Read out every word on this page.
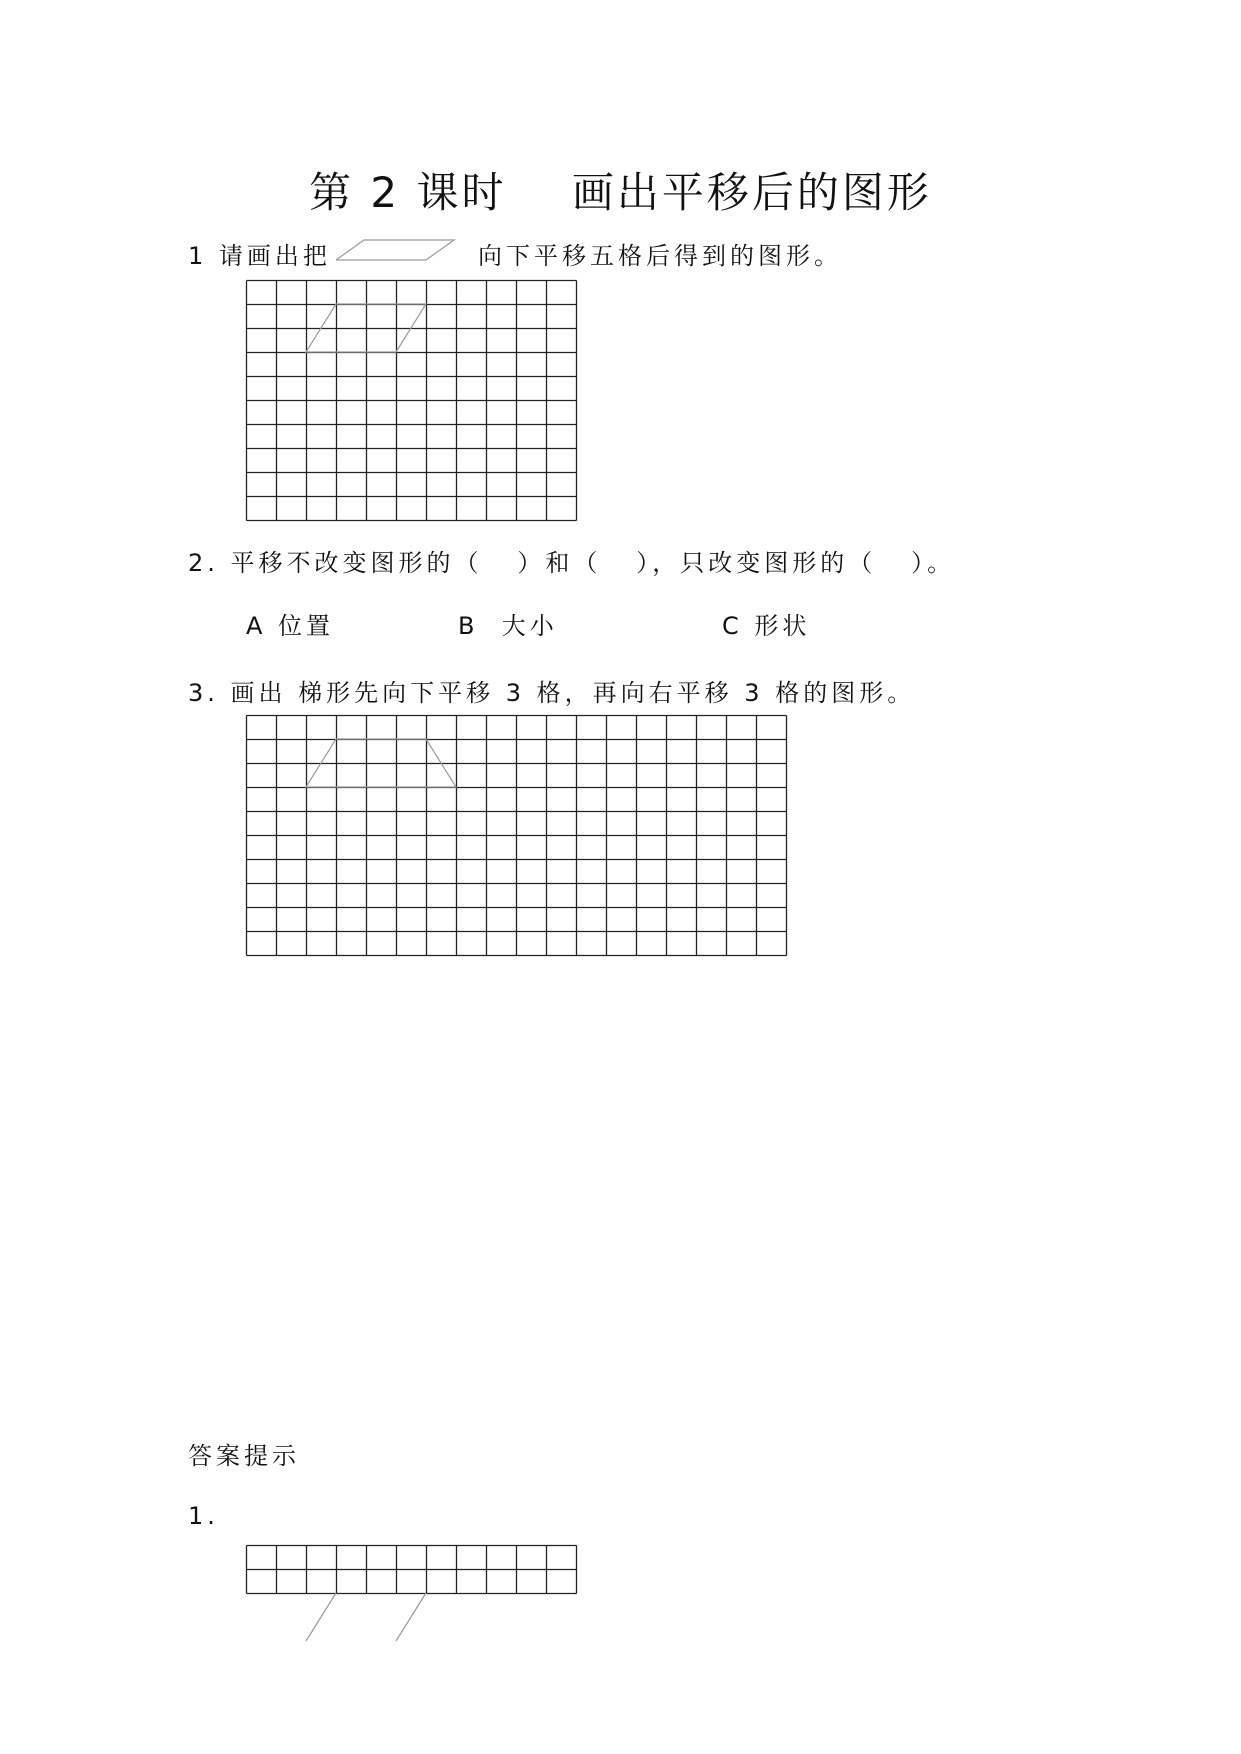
第 2 课时    画出平移后的图形
1 请画出把	向下平移五格后得到的图形。
2. 平移不改变图形的（   ）和（   ），只改变图形的（   ）。
A 位置	B  大小	C 形状
3. 画出 梯形先向下平移 3 格，再向右平移 3 格的图形。
答案提示
1.
